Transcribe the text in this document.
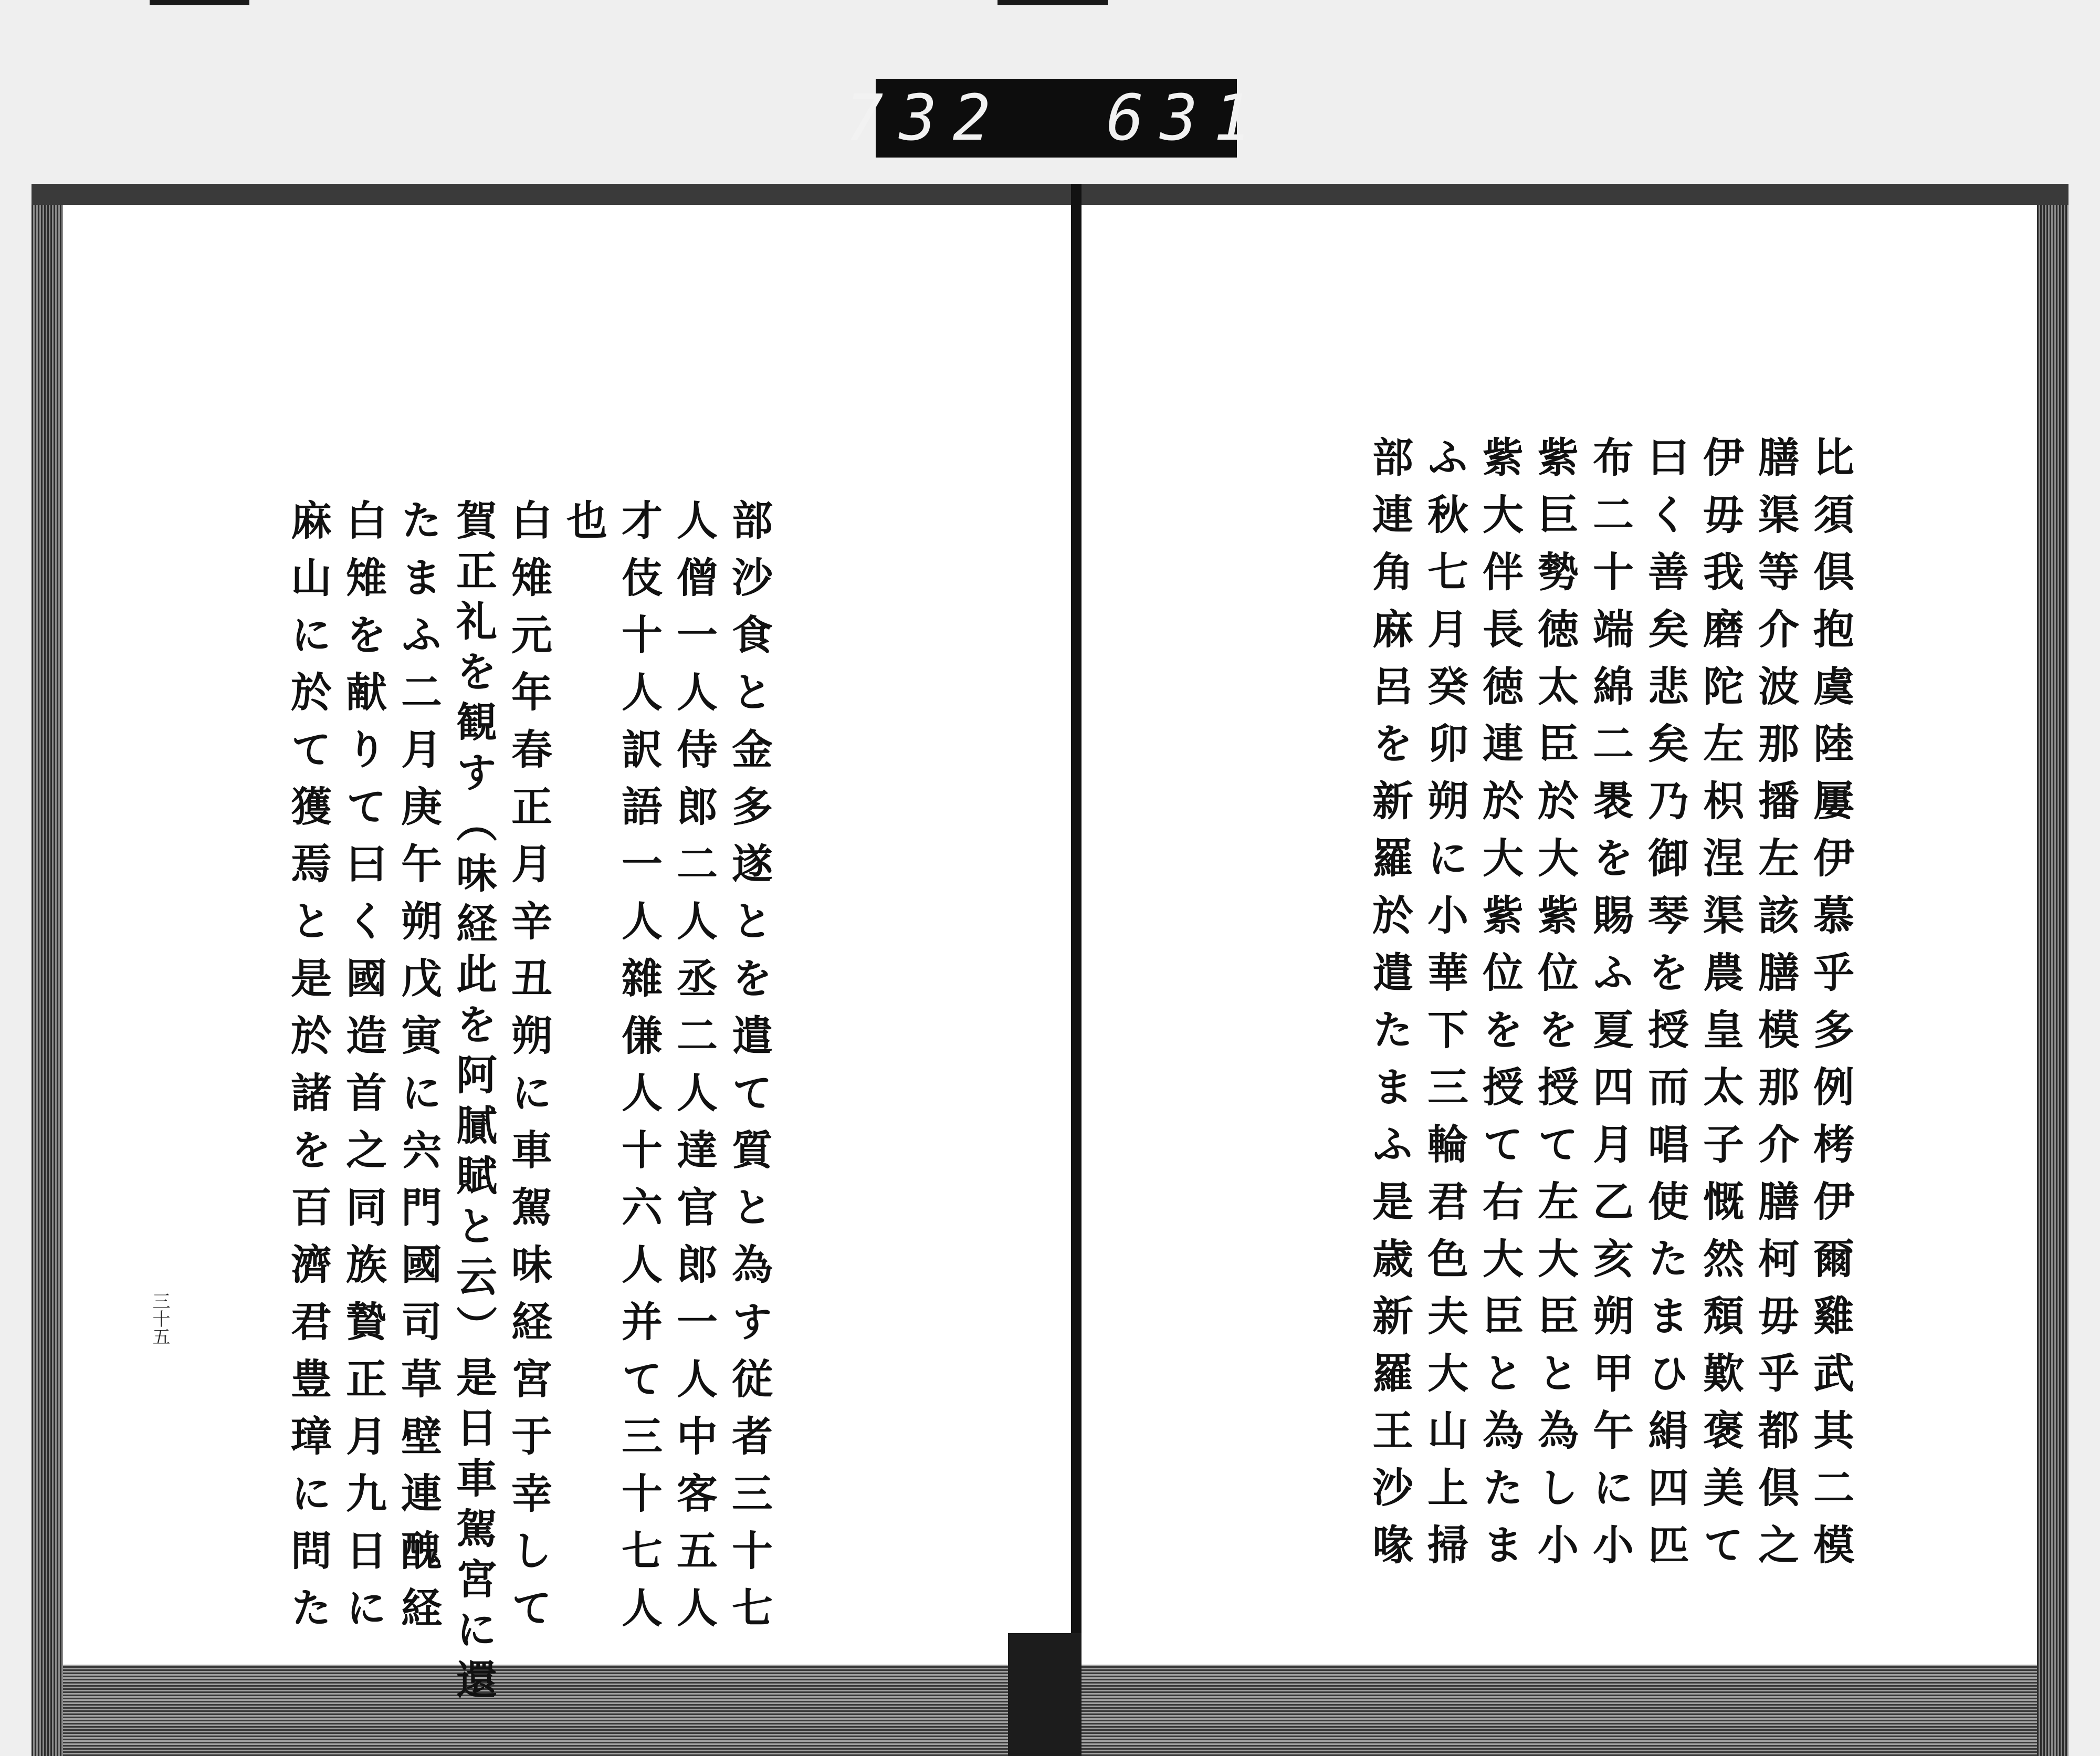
732 631
部沙食と金多遂とを遣て質と為す従者三十七
人僧一人侍郎二人丞二人達官郎一人中客五人
才伎十人訳語一人雜傔人十六人并て三十七人
也
白雉元年春正月辛丑朔に車駕味経宮于幸して
賀正礼を観す（味経此を阿膩賦と云）是日車駕宮に還
たまふ二月庚午朔戊寅に宍門國司草壁連醜経
白雉を献りて曰く國造首之同族贄正月九日に
麻山に於て獲焉と是於諸を百濟君豊璋に問た
三十五	比須倶抱虞陸屢伊慕乎多例栲伊爾雞武其二模
膳渠等介波那播左該膳模那介膳柯毋乎都倶之
伊毋我磨陀左枳涅渠農皇太子慨然頽歎褒美て
曰く善矣悲矣乃御琴を授而唱使たまひ絹四匹
布二十端綿二褁を賜ふ夏四月乙亥朔甲午に小
紫巨勢徳太臣於大紫位を授て左大臣と為し小
紫大伴長徳連於大紫位を授て右大臣と為たま
ふ秋七月癸卯朔に小華下三輪君色夫大山上掃
部連角麻呂を新羅於遣たまふ是歳新羅王沙喙
